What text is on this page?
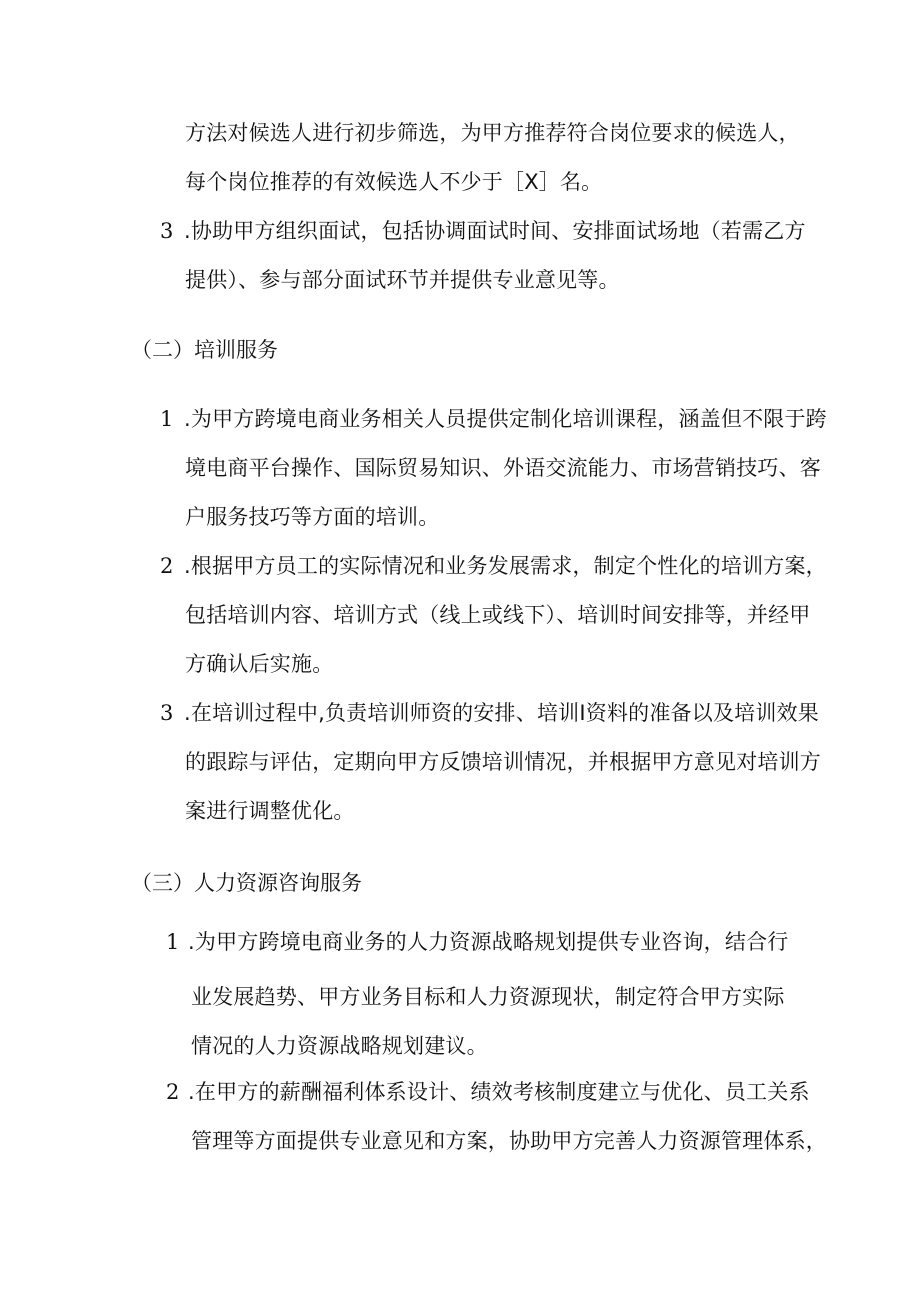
方法对候选人进行初步筛选，为甲方推荐符合岗位要求的候选人，
每个岗位推荐的有效候选人不少于［X］名。
3 .协助甲方组织面试，包括协调面试时间、安排面试场地（若需乙方
提供）、参与部分面试环节并提供专业意见等。
（二）培训服务
1 .为甲方跨境电商业务相关人员提供定制化培训课程，涵盖但不限于跨
境电商平台操作、国际贸易知识、外语交流能力、市场营销技巧、客
户服务技巧等方面的培训。
2 .根据甲方员工的实际情况和业务发展需求，制定个性化的培训方案，
包括培训内容、培训方式（线上或线下）、培训时间安排等，并经甲
方确认后实施。
3 .在培训过程中,负责培训师资的安排、培训I资料的准备以及培训效果
的跟踪与评估，定期向甲方反馈培训情况，并根据甲方意见对培训方
案进行调整优化。
（三）人力资源咨询服务
1 .为甲方跨境电商业务的人力资源战略规划提供专业咨询，结合行
业发展趋势、甲方业务目标和人力资源现状，制定符合甲方实际
情况的人力资源战略规划建议。
2 .在甲方的薪酬福利体系设计、绩效考核制度建立与优化、员工关系
管理等方面提供专业意见和方案，协助甲方完善人力资源管理体系，
